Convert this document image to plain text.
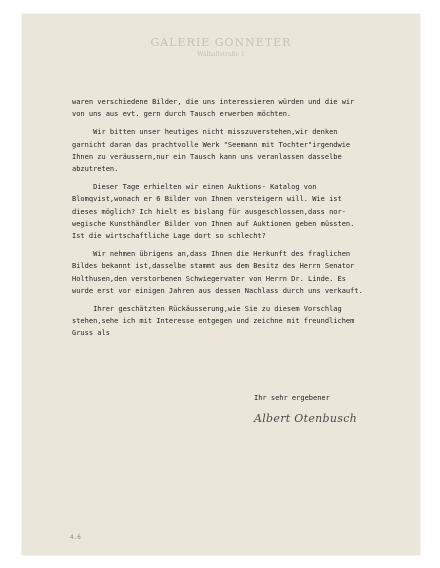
GALERIE GONNETER
Walhallstraße 1
waren verschiedene Bilder, die uns interessieren würden und die wir
von uns aus evt. gern durch Tausch erwerben möchten.
Wir bitten unser heutiges nicht misszuverstehen,wir denken
garnicht daran das prachtvolle Werk "Seemann mit Tochter"irgendwie
Ihnen zu veräussern,nur ein Tausch kann uns veranlassen dasselbe
abzutreten.
Dieser Tage erhielten wir einen Auktions- Katalog von
Blomqvist,wonach er 6 Bilder von Ihnen versteigern will. Wie ist
dieses möglich? Ich hielt es bislang für ausgeschlossen,dass nor-
wegische Kunsthändler Bilder von Ihnen auf Auktionen geben müssten.
Ist die wirtschaftliche Lage dort so schlecht?
Wir nehmen übrigens an,dass Ihnen die Herkunft des fraglichen
Bildes bekannt ist,dasselbe stammt aus dem Besitz des Herrn Senator
Holthusen,den verstorbenen Schwiegervater von Herrn Dr. Linde. Es
wurde erst vor einigen Jahren aus dessen Nachlass durch uns verkauft.
Ihrer geschätzten Rückäusserung,wie Sie zu diesem Vorschlag
stehen,sehe ich mit Interesse entgegen und zeichne mit freundlichem
Gruss als
Ihr sehr ergebener
Albert Otenbusch
4.6
